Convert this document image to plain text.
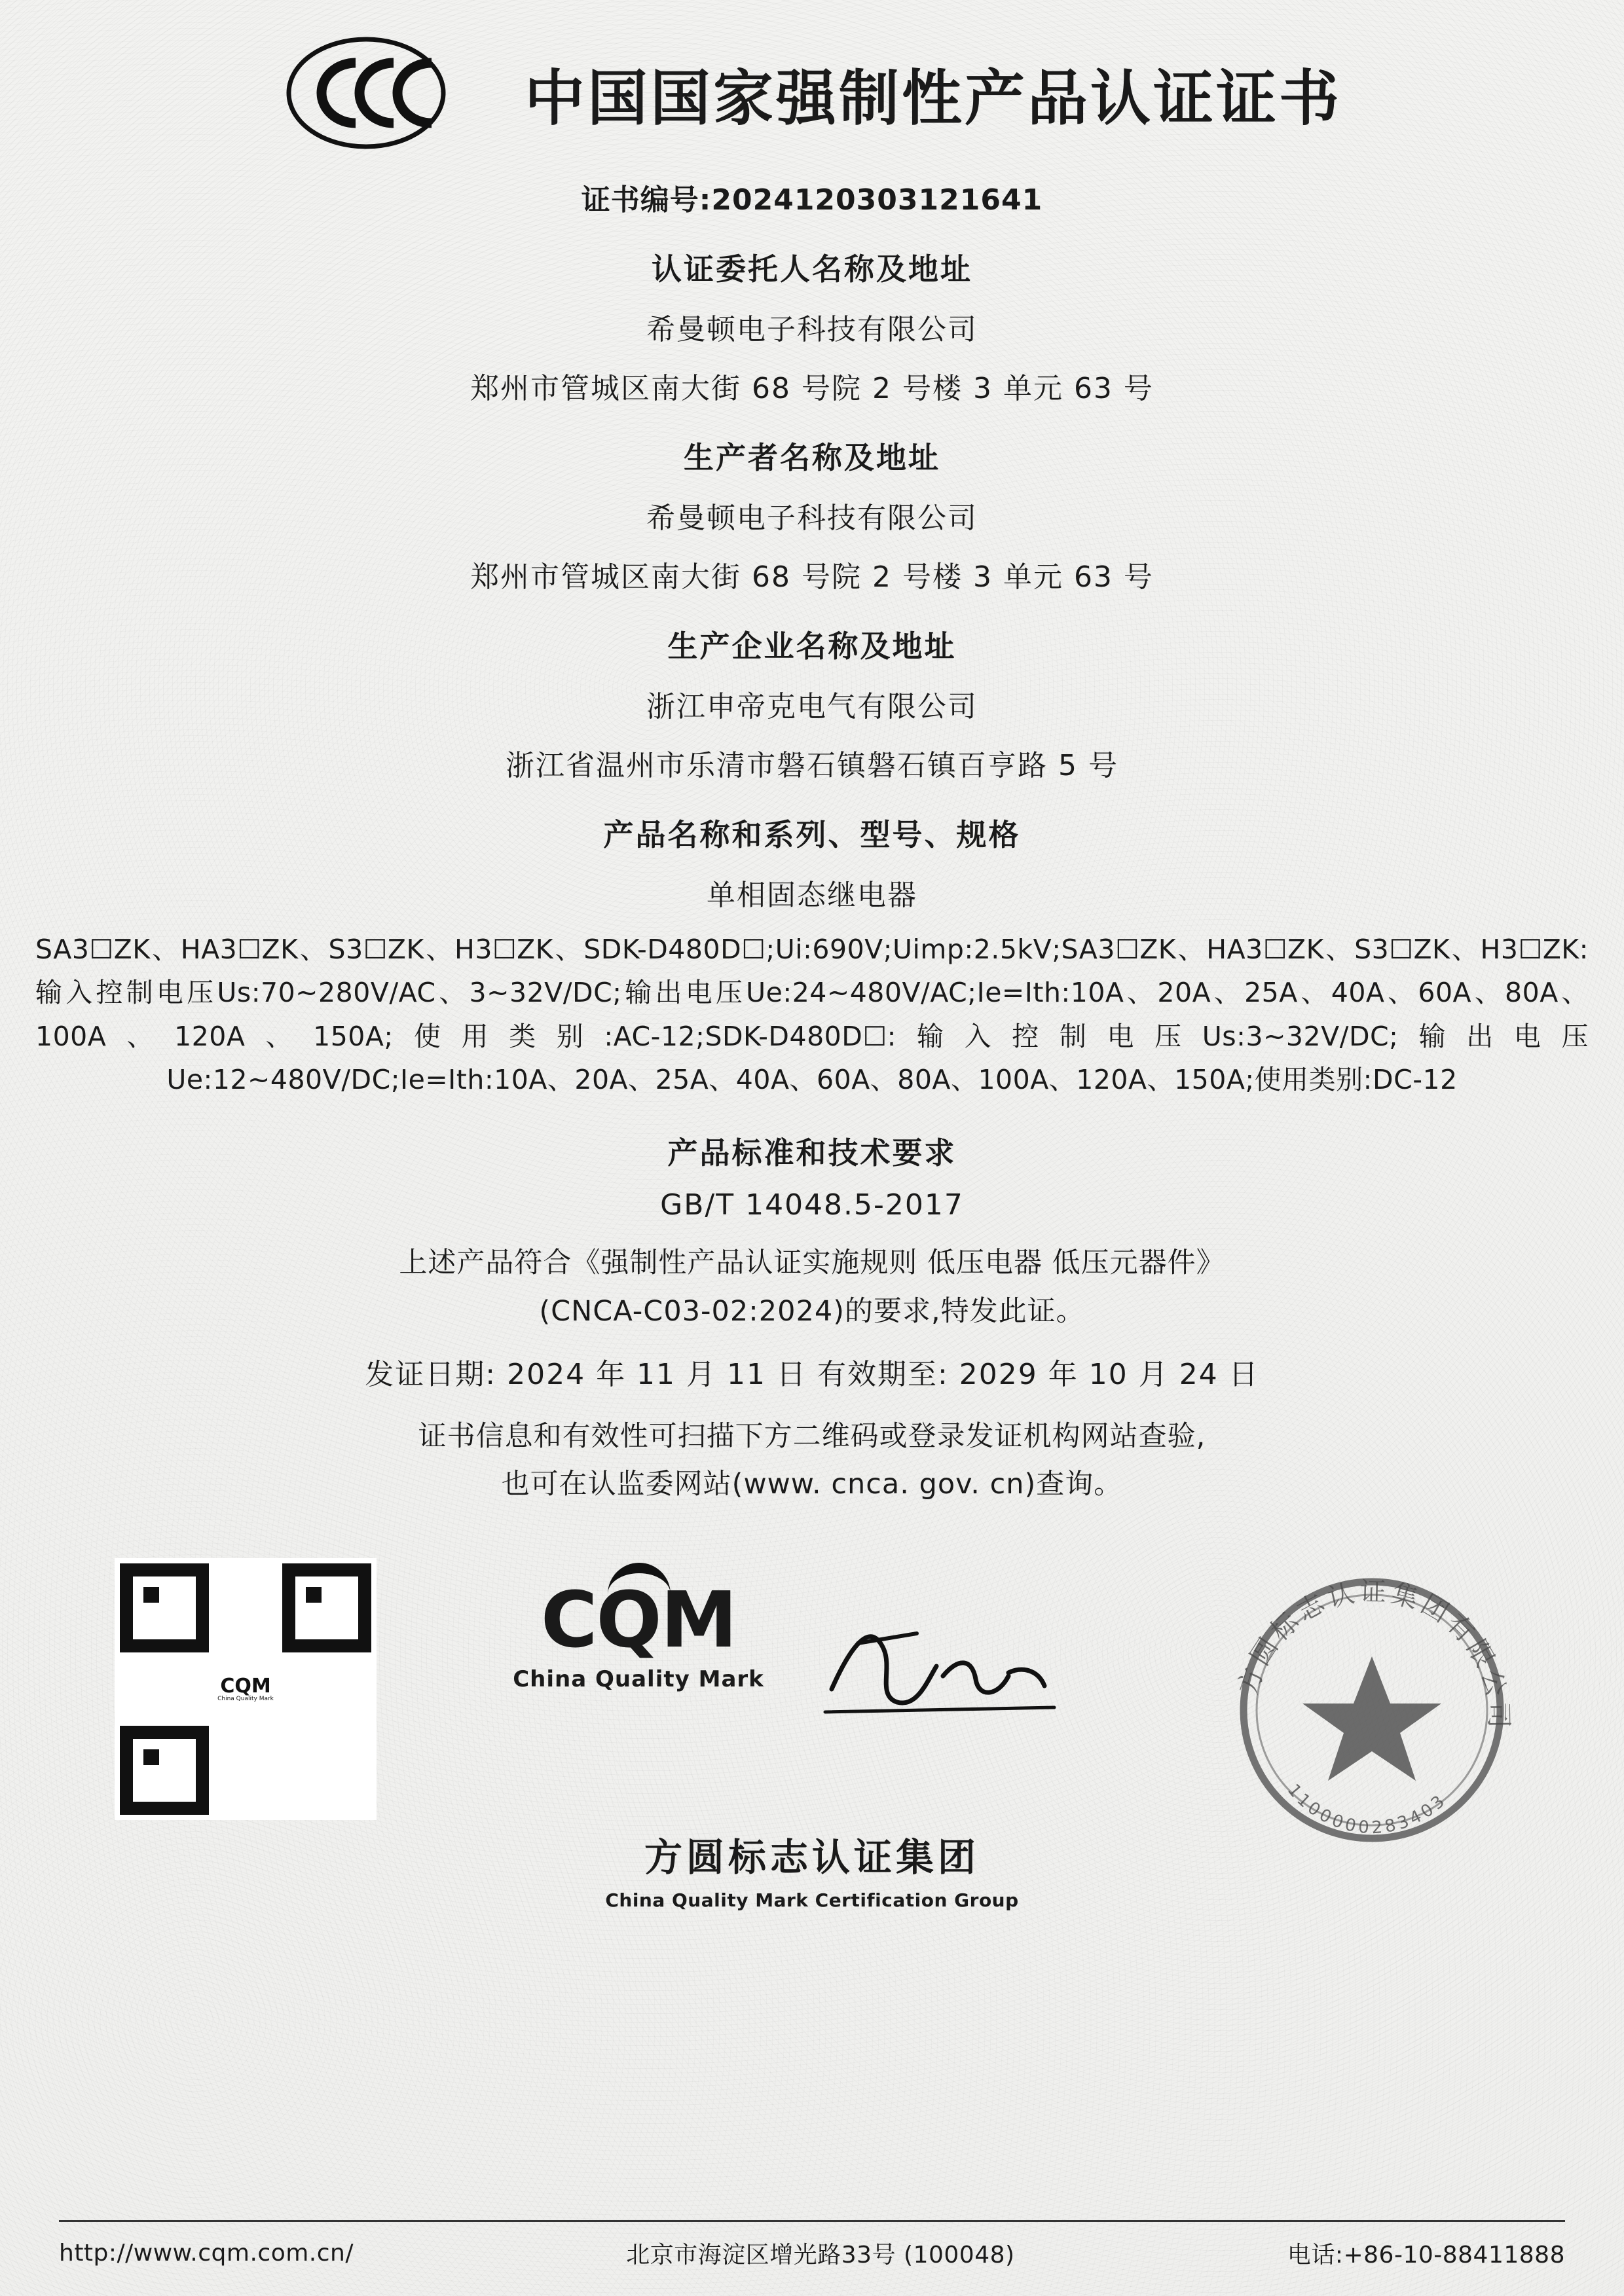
中国国家强制性产品认证证书
证书编号:2024120303121641
认证委托人名称及地址
希曼顿电子科技有限公司
郑州市管城区南大街 68 号院 2 号楼 3 单元 63 号
生产者名称及地址
希曼顿电子科技有限公司
郑州市管城区南大街 68 号院 2 号楼 3 单元 63 号
生产企业名称及地址
浙江申帝克电气有限公司
浙江省温州市乐清市磐石镇磐石镇百亨路 5 号
产品名称和系列、型号、规格
单相固态继电器
SA3☐ZK、HA3☐ZK、S3☐ZK、H3☐ZK、SDK-D480D☐;Ui:690V;Uimp:2.5kV;SA3☐ZK、HA3☐ZK、S3☐ZK、H3☐ZK:输入控制电压Us:70~280V/AC、3~32V/DC;输出电压Ue:24~480V/AC;Ie=Ith:10A、20A、25A、40A、60A、80A、100A、120A、150A;使用类别:AC-12;SDK-D480D☐:输入控制电压Us:3~32V/DC;输出电压Ue:12~480V/DC;Ie=Ith:10A、20A、25A、40A、60A、80A、100A、120A、150A;使用类别:DC-12
产品标准和技术要求
GB/T 14048.5-2017
上述产品符合《强制性产品认证实施规则 低压电器 低压元器件》
(CNCA-C03-02:2024)的要求,特发此证。
发证日期: 2024 年 11 月 11 日 有效期至: 2029 年 10 月 24 日
证书信息和有效性可扫描下方二维码或登录发证机构网站查验,
也可在认监委网站(www. cnca. gov. cn)查询。
CQM
China Quality Mark
CQM
China Quality Mark	方圆标志认证集团有限公司
1100000283403
方圆标志认证集团
China Quality Mark Certification Group
http://www.cqm.com.cn/	北京市海淀区增光路33号 (100048)	电话:+86-10-88411888
